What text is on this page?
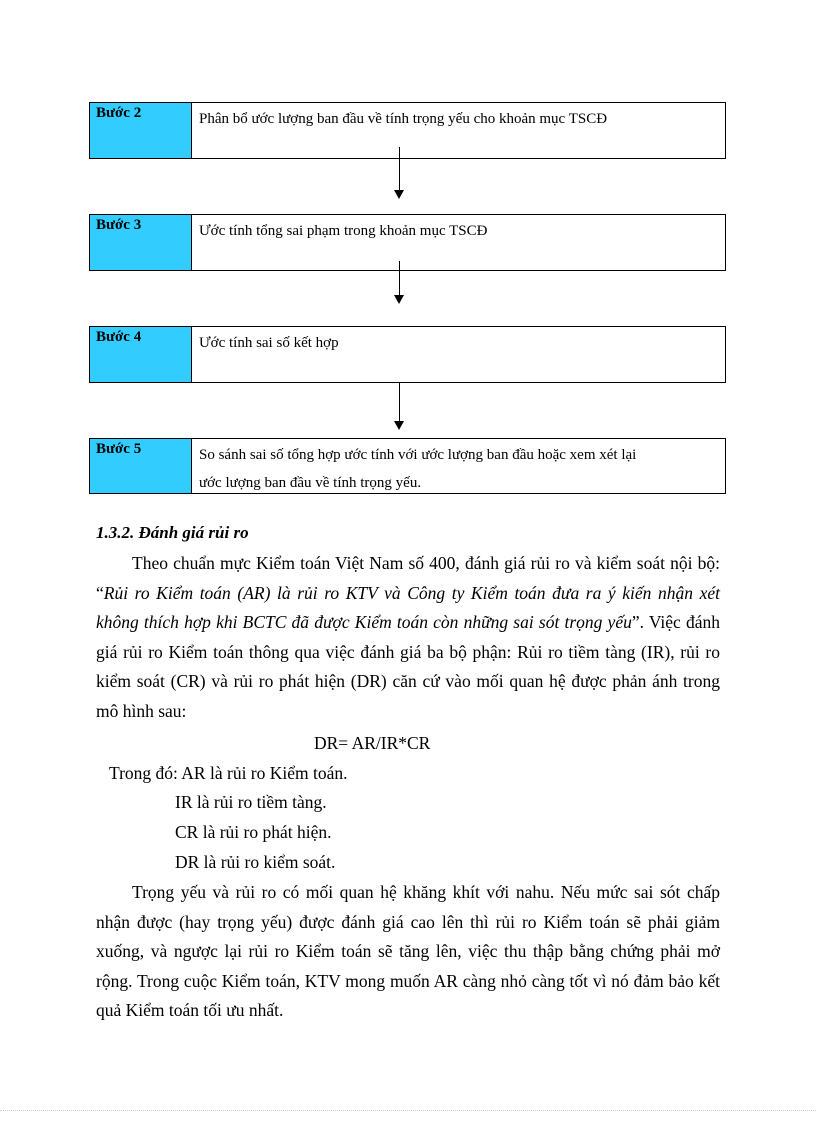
Bước 2	Phân bổ ước lượng ban đầu về tính trọng yếu cho khoản mục TSCĐ

Bước 3	Ước tính tổng sai phạm trong khoản mục TSCĐ

Bước 4	Ước tính sai số kết hợp

Bước 5	So sánh sai số tổng hợp ước tính với ước lượng ban đầu hoặc xem xét lại

ước lượng ban đầu về tính trọng yếu.

1.3.2. Đánh giá rủi ro

Theo chuẩn mực Kiểm toán Việt Nam số 400, đánh giá rủi ro và kiểm soát nội bộ: “Rủi ro Kiểm toán (AR) là rủi ro KTV và Công ty Kiểm toán đưa ra ý kiến nhận xét không thích hợp khi BCTC đã được Kiểm toán còn những sai sót trọng yếu”. Việc đánh giá rủi ro Kiểm toán thông qua việc đánh giá ba bộ phận: Rủi ro tiềm tàng (IR), rủi ro kiểm soát (CR) và rủi ro phát hiện (DR) căn cứ vào mối quan hệ được phản ánh trong mô hình sau:

DR= AR/IR*CR
Trong đó: AR là rủi ro Kiểm toán.
IR là rủi ro tiềm tàng.
CR là rủi ro phát hiện.
DR là rủi ro kiểm soát.

Trọng yếu và rủi ro có mối quan hệ khăng khít với nahu. Nếu mức sai sót chấp nhận được (hay trọng yếu) được đánh giá cao lên thì rủi ro Kiểm toán sẽ phải giảm xuống, và ngược lại rủi ro Kiểm toán sẽ tăng lên, việc thu thập bằng chứng phải mở rộng. Trong cuộc Kiểm toán, KTV mong muốn AR càng nhỏ càng tốt vì nó đảm bảo kết quả Kiểm toán tối ưu nhất.
